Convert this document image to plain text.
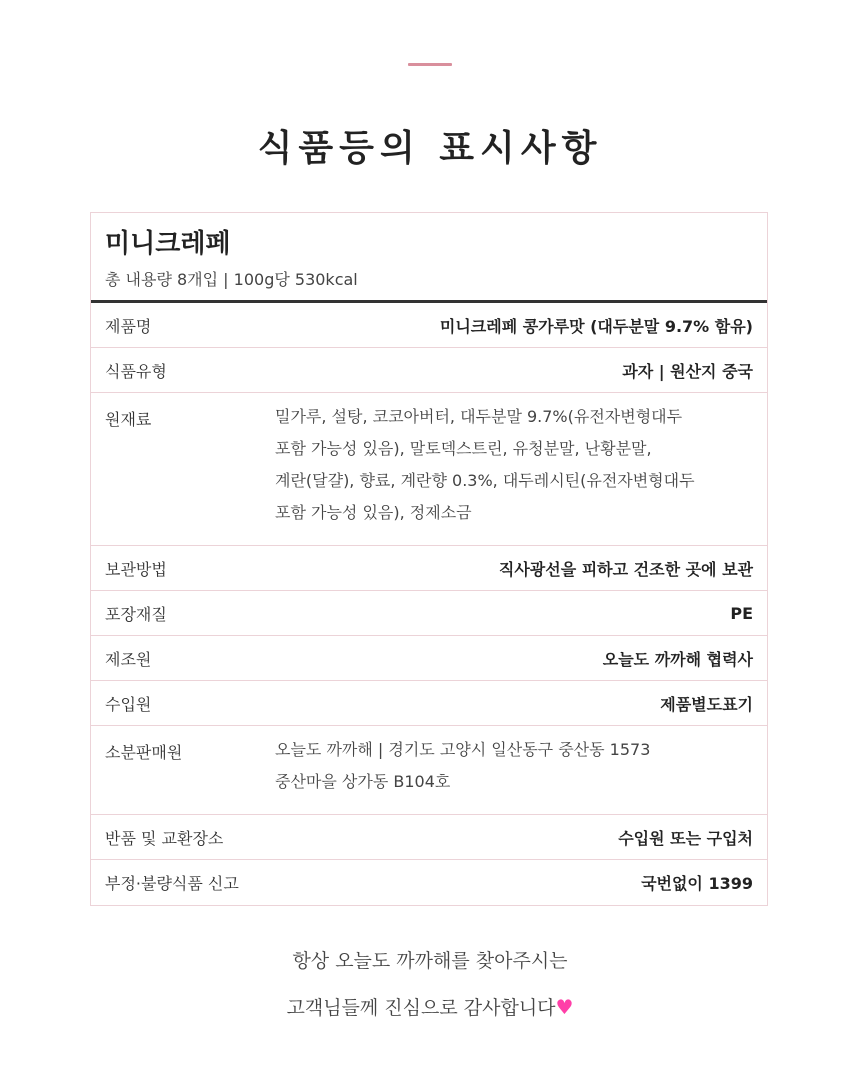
식품등의 표시사항
미니크레페
총 내용량 8개입 | 100g당 530kcal
제품명	미니크레페 콩가루맛 (대두분말 9.7% 함유)
식품유형	과자 | 원산지 중국
원재료	밀가루, 설탕, 코코아버터, 대두분말 9.7%(유전자변형대두
포함 가능성 있음), 말토덱스트린, 유청분말, 난황분말,
계란(달걀), 향료, 계란향 0.3%, 대두레시틴(유전자변형대두
포함 가능성 있음), 정제소금
보관방법	직사광선을 피하고 건조한 곳에 보관
포장재질	PE
제조원	오늘도 까까해 협력사
수입원	제품별도표기
소분판매원	오늘도 까까해 | 경기도 고양시 일산동구 중산동 1573
중산마을 상가동 B104호
반품 및 교환장소	수입원 또는 구입처
부정·불량식품 신고	국번없이 1399

항상 오늘도 까까해를 찾아주시는

고객님들께 진심으로 감사합니다♥
